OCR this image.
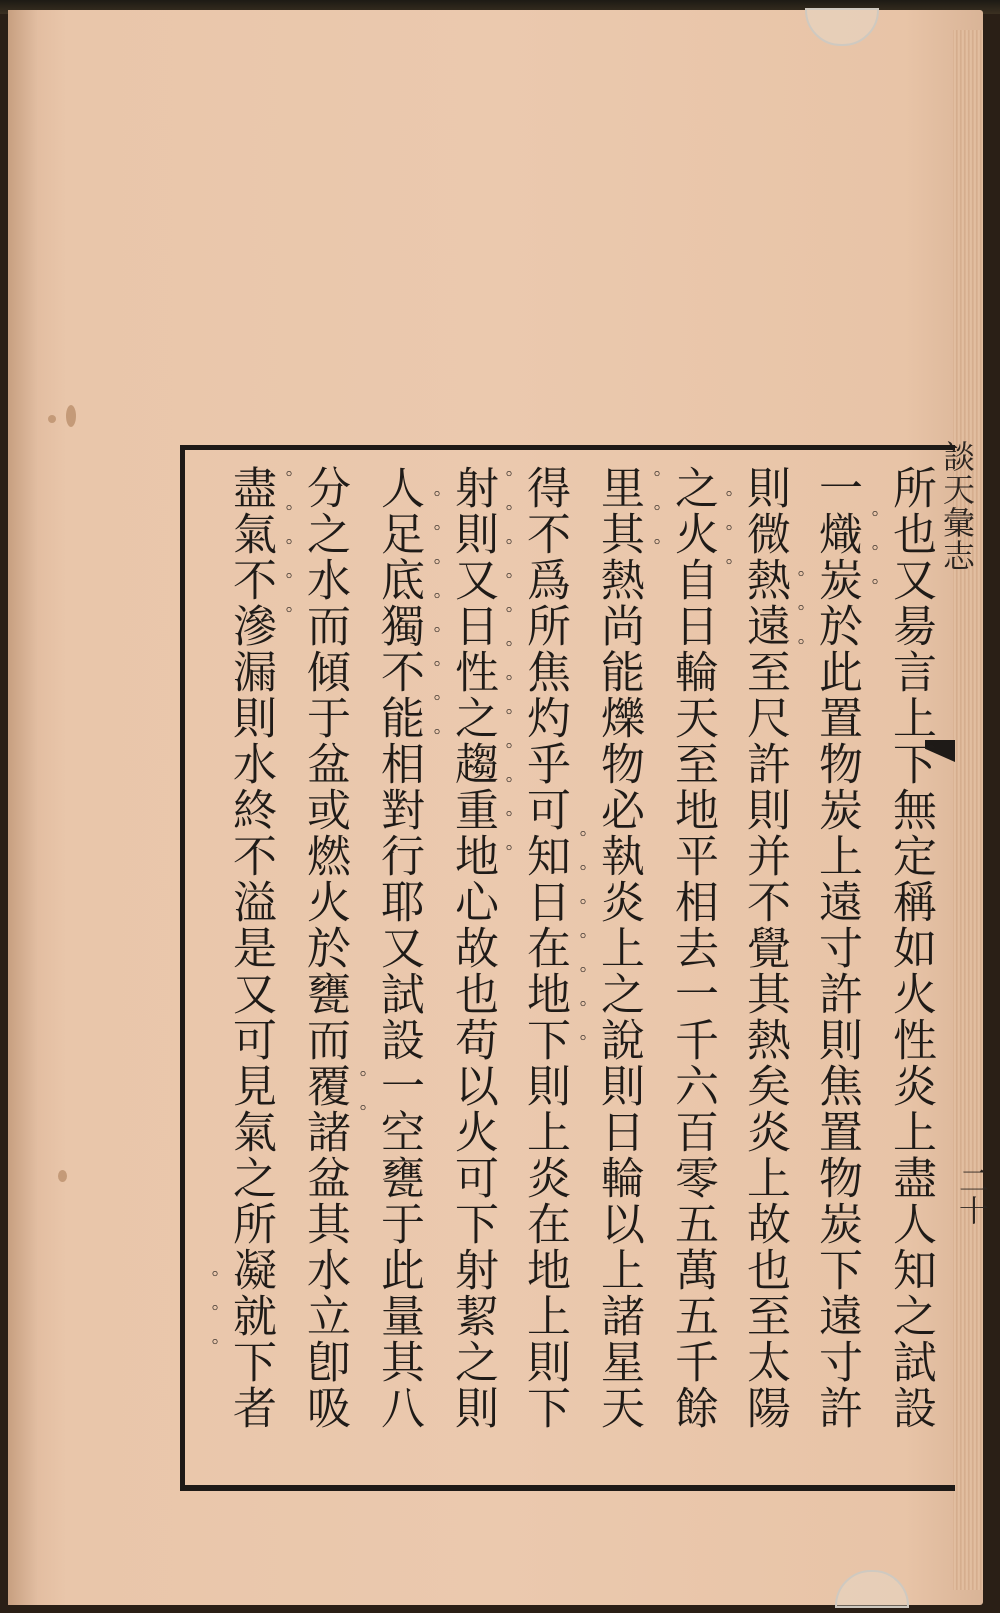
談天彙志
二十
所也又昜言上下無定稱如火性炎上盡人知之試設
一熾炭於此置物炭上遠寸許則焦置物炭下遠寸許
則微熱遠至尺許則并不覺其熱矣炎上故也至太陽
之火自日輪天至地平相去一千六百零五萬五千餘
里其熱尚能爍物必執炎上之說則日輪以上諸星天
得不爲所焦灼乎可知日在地下則上炎在地上則下
射則又日性之趨重地心故也苟以火可下射絜之則
人足底獨不能相對行耶又試設一空甕于此量其八
分之水而傾于盆或燃火於甕而覆諸盆其水立卽吸
盡氣不滲漏則水終不溢是又可見氣之所凝就下者	。。。
。。。
。。。
。。。
。。。。。。。
。。。。。。。。。。。。
。。。。。。。。
。。
。。。。。
。。。
